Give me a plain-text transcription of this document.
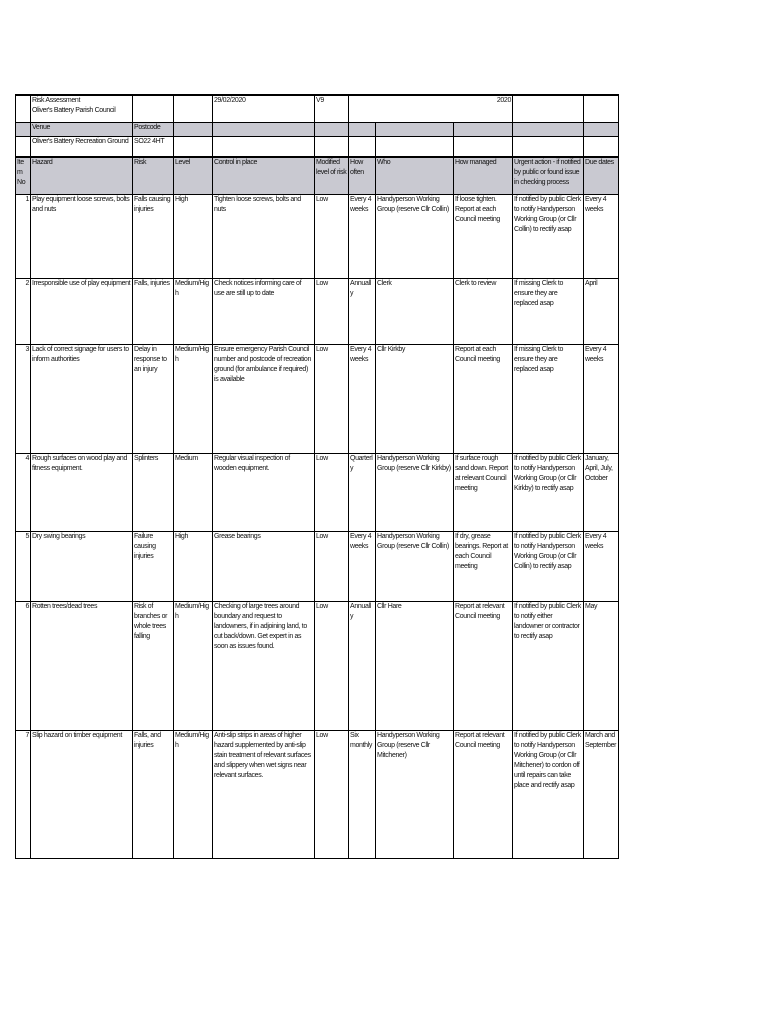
	Risk Assessment
Oliver's Battery Parish Council			29/02/2020	V9	2020				
	Venue	Postcode								
	Oliver's Battery Recreation Ground	SO22 4HT								
Item No	Hazard	Risk	Level	Control in place	Modified level of risk	How often	Who	How managed	Urgent action - if notified by public or found issue in checking process	Due dates
1	Play equipment loose screws, bolts and nuts	Falls causing injuries	High	Tighten loose screws, bolts and nuts	Low	Every 4 weeks	Handyperson Working Group (reserve Cllr Collin)	If loose tighten. Report at each Council meeting	If notified by public Clerk to notify Handyperson Working Group (or Cllr Collin) to rectify asap	Every 4 weeks
2	Irresponsible use of play equipment	Falls, injuries	Medium/High	Check notices informing care of use are still up to date	Low	Annually	Clerk	Clerk to review	If missing Clerk to ensure they are replaced asap	April
3	Lack of correct signage for users to inform authorities	Delay in response to an injury	Medium/High	Ensure emergency Parish Council number and postcode of recreation ground (for ambulance if required) is available	Low	Every 4 weeks	Cllr Kirkby	Report at each Council meeting	If missing Clerk to ensure they are replaced asap	Every 4 weeks
4	Rough surfaces on wood play and fitness equipment.	Splinters	Medium	Regular visual inspection of wooden equipment.	Low	Quarterly	Handyperson Working Group (reserve Cllr Kirkby)	If surface rough sand down. Report at relevant Council meeting	If notified by public Clerk to notify Handyperson Working Group (or Cllr Kirkby) to rectify asap	January, April, July, October
5	Dry swing bearings	Failure causing injuries	High	Grease bearings	Low	Every 4 weeks	Handyperson Working Group (reserve Cllr Collin)	If dry, grease bearings. Report at each Council meeting	If notified by public Clerk to notify Handyperson Working Group (or Cllr Collin) to rectify asap	Every 4 weeks
6	Rotten trees/dead trees	Risk of branches or whole trees falling	Medium/High	Checking of large trees around boundary and request to landowners, if in adjoining land, to cut back/down. Get expert in as soon as issues found.	Low	Annually	Cllr Hare	Report at relevant Council meeting	If notified by public Clerk to notify either landowner or contractor to rectify asap	May
7	Slip hazard on timber equipment	Falls, and injuries	Medium/High	Anti-slip strips in areas of higher hazard supplemented by anti-slip stain treatment of relevant surfaces and slippery when wet signs near relevant surfaces.	Low	Six monthly	Handyperson Working Group (reserve Cllr Mitchener)	Report at relevant Council meeting	If notified by public Clerk to notify Handyperson Working Group (or Cllr Mitchener) to cordon off until repairs can take place and rectify asap	March and September
